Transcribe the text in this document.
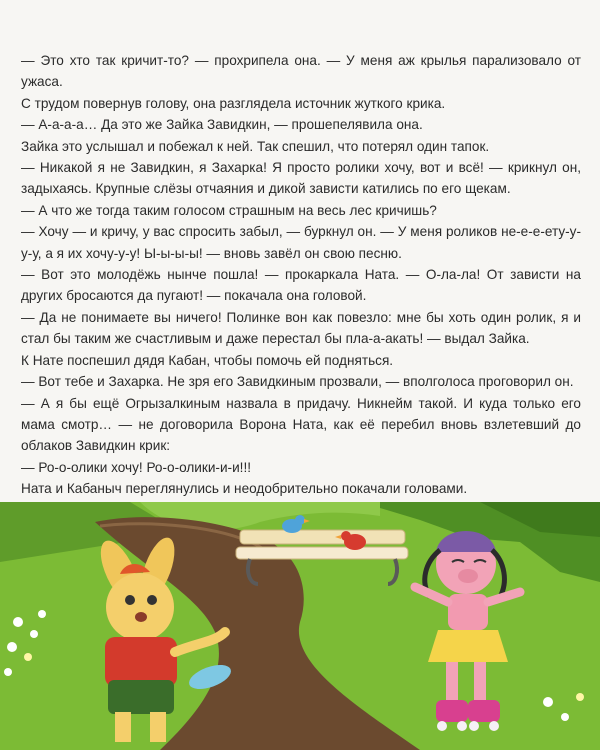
— Это хто так кричит-то? — прохрипела она. — У меня аж крылья парализовало от ужаса.

С трудом повернув голову, она разглядела источник жуткого крика.

— А-а-а-а… Да это же Зайка Завидкин, — прошепелявила она.

Зайка это услышал и побежал к ней. Так спешил, что потерял один тапок.

— Никакой я не Завидкин, я Захарка! Я просто ролики хочу, вот и всё! — крикнул он, задыхаясь. Крупные слёзы отчаяния и дикой зависти катились по его щекам.

— А что же тогда таким голосом страшным на весь лес кричишь?

— Хочу — и кричу, у вас спросить забыл, — буркнул он. — У меня роликов не-е-е-ету-у-у-у, а я их хочу-у-у! Ы-ы-ы-ы! — вновь завёл он свою песню.

— Вот это молодёжь нынче пошла! — прокаркала Ната. — О-ла-ла! От зависти на других бросаются да пугают! — покачала она головой.

— Да не понимаете вы ничего! Полинке вон как повезло: мне бы хоть один ролик, я и стал бы таким же счастливым и даже перестал бы пла-а-акать! — выдал Зайка.

К Нате поспешил дядя Кабан, чтобы помочь ей подняться.

— Вот тебе и Захарка. Не зря его Завидкиным прозвали, — вполголоса проговорил он.

— А я бы ещё Огрызалкиным назвала в придачу. Никнейм такой. И куда только его мама смотр… — не договорила Ворона Ната, как её перебил вновь взлетевший до облаков Завидкин крик:

— Ро-о-олики хочу! Ро-о-олики-и-и!!!

Ната и Кабаныч переглянулись и неодобрительно покачали головами.
